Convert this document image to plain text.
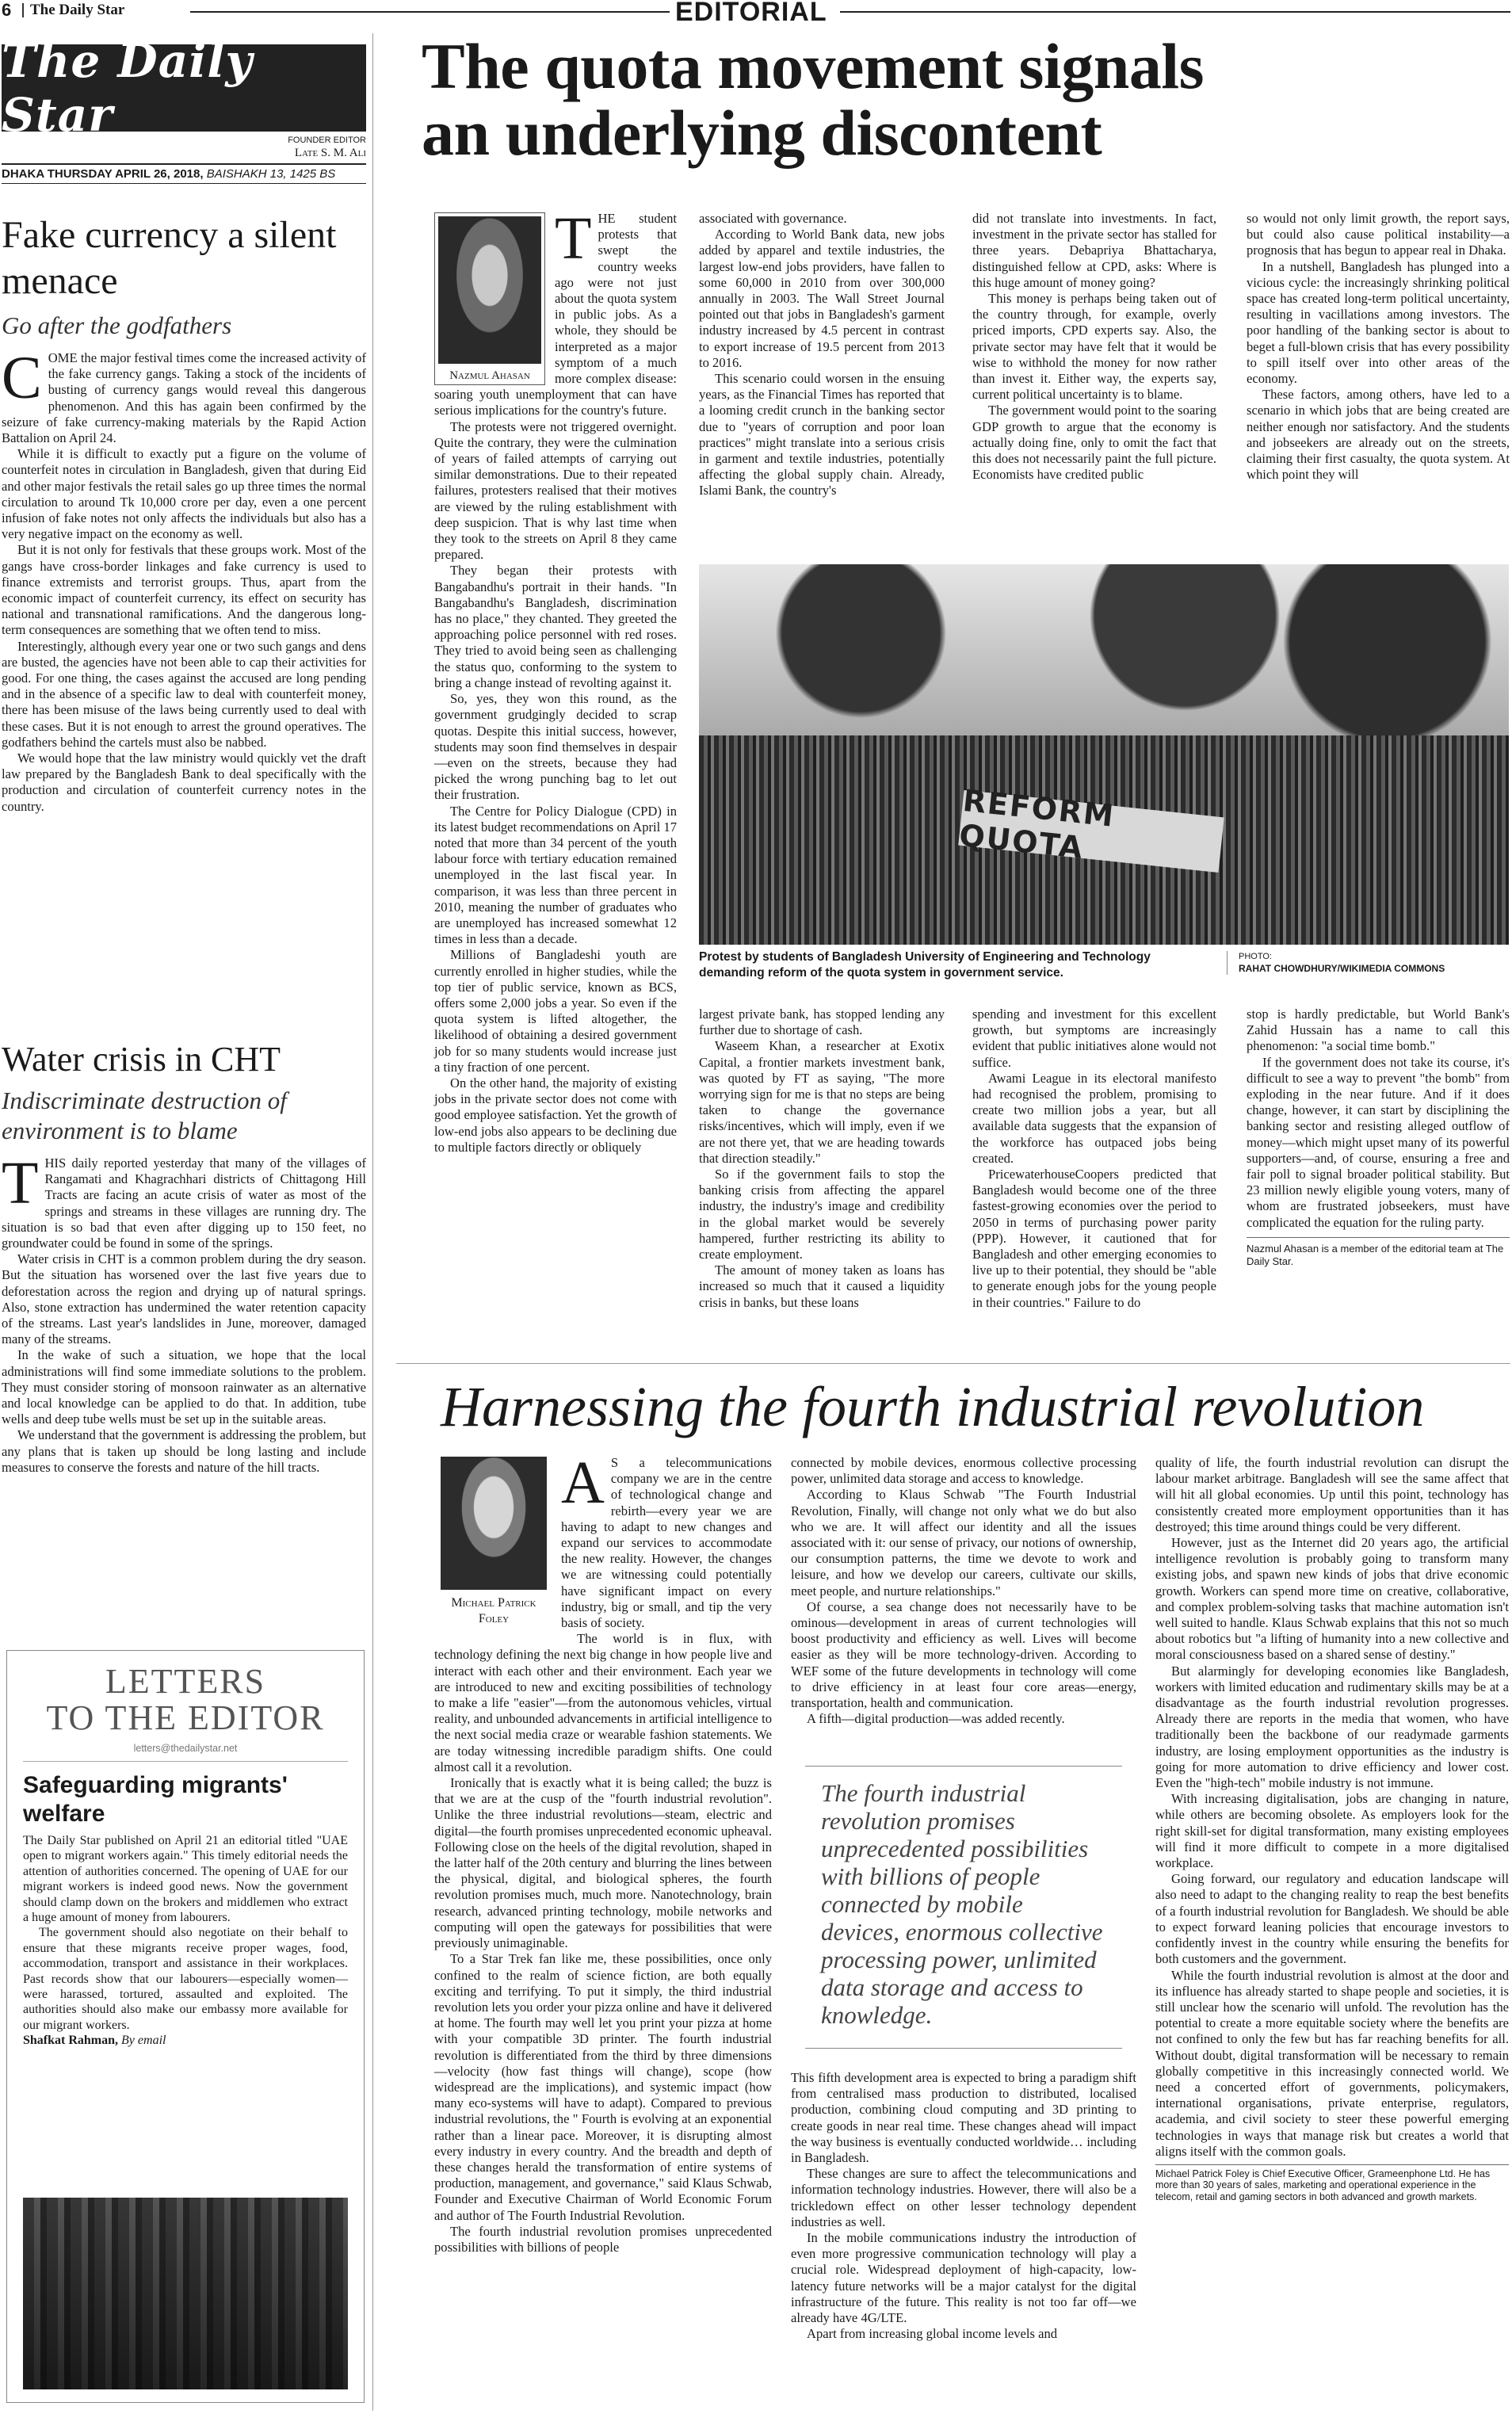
6 The Daily Star	EDITORIAL
The Daily Star	FOUNDER EDITOR
Late S. M. Ali
DHAKA THURSDAY APRIL 26, 2018, BAISHAKH 13, 1425 BS
Fake currency a silent menace
Go after the godfathers

COME the major festival times come the increased activity of the fake currency gangs. Taking a stock of the incidents of busting of currency gangs would reveal this dangerous phenomenon. And this has again been confirmed by the seizure of fake currency-making materials by the Rapid Action Battalion on April 24.

While it is difficult to exactly put a figure on the volume of counterfeit notes in circulation in Bangladesh, given that during Eid and other major festivals the retail sales go up three times the normal circulation to around Tk 10,000 crore per day, even a one percent infusion of fake notes not only affects the individuals but also has a very negative impact on the economy as well.

But it is not only for festivals that these groups work. Most of the gangs have cross-border linkages and fake currency is used to finance extremists and terrorist groups. Thus, apart from the economic impact of counterfeit currency, its effect on security has national and transnational ramifications. And the dangerous long-term consequences are something that we often tend to miss.

Interestingly, although every year one or two such gangs and dens are busted, the agencies have not been able to cap their activities for good. For one thing, the cases against the accused are long pending and in the absence of a specific law to deal with counterfeit money, there has been misuse of the laws being currently used to deal with these cases. But it is not enough to arrest the ground operatives. The godfathers behind the cartels must also be nabbed.

We would hope that the law ministry would quickly vet the draft law prepared by the Bangladesh Bank to deal specifically with the production and circulation of counterfeit currency notes in the country.

Water crisis in CHT
Indiscriminate destruction of environment is to blame

THIS daily reported yesterday that many of the villages of Rangamati and Khagrachhari districts of Chittagong Hill Tracts are facing an acute crisis of water as most of the springs and streams in these villages are running dry. The situation is so bad that even after digging up to 150 feet, no groundwater could be found in some of the springs.

Water crisis in CHT is a common problem during the dry season. But the situation has worsened over the last five years due to deforestation across the region and drying up of natural springs. Also, stone extraction has undermined the water retention capacity of the streams. Last year's landslides in June, moreover, damaged many of the streams.

In the wake of such a situation, we hope that the local administrations will find some immediate solutions to the problem. They must consider storing of monsoon rainwater as an alternative and local knowledge can be applied to do that. In addition, tube wells and deep tube wells must be set up in the suitable areas.

We understand that the government is addressing the problem, but any plans that is taken up should be long lasting and include measures to conserve the forests and nature of the hill tracts.

LETTERS
TO THE EDITOR
letters@thedailystar.net
Safeguarding migrants' welfare

The Daily Star published on April 21 an editorial titled "UAE open to migrant workers again." This timely editorial needs the attention of authorities concerned. The opening of UAE for our migrant workers is indeed good news. Now the government should clamp down on the brokers and middlemen who extract a huge amount of money from labourers.

The government should also negotiate on their behalf to ensure that these migrants receive proper wages, food, accommodation, transport and assistance in their workplaces. Past records show that our labourers—especially women—were harassed, tortured, assaulted and exploited. The authorities should also make our embassy more available for our migrant workers.

Shafkat Rahman, By email

The quota movement signals
an underlying discontent
Nazmul Ahasan

THE student protests that swept the country weeks ago were not just about the quota system in public jobs. As a whole, they should be interpreted as a major symptom of a much more complex disease: soaring youth unemployment that can have serious implications for the country's future.

The protests were not triggered overnight. Quite the contrary, they were the culmination of years of failed attempts of carrying out similar demonstrations. Due to their repeated failures, protesters realised that their motives are viewed by the ruling establishment with deep suspicion. That is why last time when they took to the streets on April 8 they came prepared.

They began their protests with Bangabandhu's portrait in their hands. "In Bangabandhu's Bangladesh, discrimination has no place," they chanted. They greeted the approaching police personnel with red roses. They tried to avoid being seen as challenging the status quo, conforming to the system to bring a change instead of revolting against it.

So, yes, they won this round, as the government grudgingly decided to scrap quotas. Despite this initial success, however, students may soon find themselves in despair—even on the streets, because they had picked the wrong punching bag to let out their frustration.

The Centre for Policy Dialogue (CPD) in its latest budget recommendations on April 17 noted that more than 34 percent of the youth labour force with tertiary education remained unemployed in the last fiscal year. In comparison, it was less than three percent in 2010, meaning the number of graduates who are unemployed has increased somewhat 12 times in less than a decade.

Millions of Bangladeshi youth are currently enrolled in higher studies, while the top tier of public service, known as BCS, offers some 2,000 jobs a year. So even if the quota system is lifted altogether, the likelihood of obtaining a desired government job for so many students would increase just a tiny fraction of one percent.

On the other hand, the majority of existing jobs in the private sector does not come with good employee satisfaction. Yet the growth of low-end jobs also appears to be declining due to multiple factors directly or obliquely

associated with governance.

According to World Bank data, new jobs added by apparel and textile industries, the largest low-end jobs providers, have fallen to some 60,000 in 2010 from over 300,000 annually in 2003. The Wall Street Journal pointed out that jobs in Bangladesh's garment industry increased by 4.5 percent in contrast to export increase of 19.5 percent from 2013 to 2016.

This scenario could worsen in the ensuing years, as the Financial Times has reported that a looming credit crunch in the banking sector due to "years of corruption and poor loan practices" might translate into a serious crisis in garment and textile industries, potentially affecting the global supply chain. Already, Islami Bank, the country's

did not translate into investments. In fact, investment in the private sector has stalled for three years. Debapriya Bhattacharya, distinguished fellow at CPD, asks: Where is this huge amount of money going?

This money is perhaps being taken out of the country through, for example, overly priced imports, CPD experts say. Also, the private sector may have felt that it would be wise to withhold the money for now rather than invest it. Either way, the experts say, current political uncertainty is to blame.

The government would point to the soaring GDP growth to argue that the economy is actually doing fine, only to omit the fact that this does not necessarily paint the full picture. Economists have credited public

so would not only limit growth, the report says, but could also cause political instability—a prognosis that has begun to appear real in Dhaka.

In a nutshell, Bangladesh has plunged into a vicious cycle: the increasingly shrinking political space has created long-term political uncertainty, resulting in vacillations among investors. The poor handling of the banking sector is about to beget a full-blown crisis that has every possibility to spill itself over into other areas of the economy.

These factors, among others, have led to a scenario in which jobs that are being created are neither enough nor satisfactory. And the students and jobseekers are already out on the streets, claiming their first casualty, the quota system. At which point they will

REFORM QUOTA
Protest by students of Bangladesh University of Engineering and Technology demanding reform of the quota system in government service.
PHOTO:
RAHAT CHOWDHURY/WIKIMEDIA COMMONS

largest private bank, has stopped lending any further due to shortage of cash.

Waseem Khan, a researcher at Exotix Capital, a frontier markets investment bank, was quoted by FT as saying, "The more worrying sign for me is that no steps are being taken to change the governance risks/incentives, which will imply, even if we are not there yet, that we are heading towards that direction steadily."

So if the government fails to stop the banking crisis from affecting the apparel industry, the industry's image and credibility in the global market would be severely hampered, further restricting its ability to create employment.

The amount of money taken as loans has increased so much that it caused a liquidity crisis in banks, but these loans

spending and investment for this excellent growth, but symptoms are increasingly evident that public initiatives alone would not suffice.

Awami League in its electoral manifesto had recognised the problem, promising to create two million jobs a year, but all available data suggests that the expansion of the workforce has outpaced jobs being created.

PricewaterhouseCoopers predicted that Bangladesh would become one of the three fastest-growing economies over the period to 2050 in terms of purchasing power parity (PPP). However, it cautioned that for Bangladesh and other emerging economies to live up to their potential, they should be "able to generate enough jobs for the young people in their countries." Failure to do

stop is hardly predictable, but World Bank's Zahid Hussain has a name to call this phenomenon: "a social time bomb."

If the government does not take its course, it's difficult to see a way to prevent "the bomb" from exploding in the near future. And if it does change, however, it can start by disciplining the banking sector and resisting alleged outflow of money—which might upset many of its powerful supporters—and, of course, ensuring a free and fair poll to signal broader political stability. But 23 million newly eligible young voters, many of whom are frustrated jobseekers, must have complicated the equation for the ruling party.

Nazmul Ahasan is a member of the editorial team at The Daily Star.
Harnessing the fourth industrial revolution
Michael Patrick
Foley

A S a telecommunications company we are in the centre of technological change and rebirth—every year we are having to adapt to new changes and expand our services to accommodate the new reality. However, the changes we are witnessing could potentially have significant impact on every industry, big or small, and tip the very basis of society.

The world is in flux, with technology defining the next big change in how people live and interact with each other and their environment. Each year we are introduced to new and exciting possibilities of technology to make a life "easier"—from the autonomous vehicles, virtual reality, and unbounded advancements in artificial intelligence to the next social media craze or wearable fashion statements. We are today witnessing incredible paradigm shifts. One could almost call it a revolution.

Ironically that is exactly what it is being called; the buzz is that we are at the cusp of the "fourth industrial revolution". Unlike the three industrial revolutions—steam, electric and digital—the fourth promises unprecedented economic upheaval. Following close on the heels of the digital revolution, shaped in the latter half of the 20th century and blurring the lines between the physical, digital, and biological spheres, the fourth revolution promises much, much more. Nanotechnology, brain research, advanced printing technology, mobile networks and computing will open the gateways for possibilities that were previously unimaginable.

To a Star Trek fan like me, these possibilities, once only confined to the realm of science fiction, are both equally exciting and terrifying. To put it simply, the third industrial revolution lets you order your pizza online and have it delivered at home. The fourth may well let you print your pizza at home with your compatible 3D printer. The fourth industrial revolution is differentiated from the third by three dimensions—velocity (how fast things will change), scope (how widespread are the implications), and systemic impact (how many eco-systems will have to adapt). Compared to previous industrial revolutions, the " Fourth is evolving at an exponential rather than a linear pace. Moreover, it is disrupting almost every industry in every country. And the breadth and depth of these changes herald the transformation of entire systems of production, management, and governance," said Klaus Schwab, Founder and Executive Chairman of World Economic Forum and author of The Fourth Industrial Revolution.

The fourth industrial revolution promises unprecedented possibilities with billions of people

connected by mobile devices, enormous collective processing power, unlimited data storage and access to knowledge.

According to Klaus Schwab "The Fourth Industrial Revolution, Finally, will change not only what we do but also who we are. It will affect our identity and all the issues associated with it: our sense of privacy, our notions of ownership, our consumption patterns, the time we devote to work and leisure, and how we develop our careers, cultivate our skills, meet people, and nurture relationships."

Of course, a sea change does not necessarily have to be ominous—development in areas of current technologies will boost productivity and efficiency as well. Lives will become easier as they will be more technology-driven. According to WEF some of the future developments in technology will come to drive efficiency in at least four core areas—energy, transportation, health and communication.

A fifth—digital production—was added recently.

The fourth industrial revolution promises unprecedented possibilities with billions of people connected by mobile devices, enormous collective processing power, unlimited data storage and access to knowledge.

This fifth development area is expected to bring a paradigm shift from centralised mass production to distributed, localised production, combining cloud computing and 3D printing to create goods in near real time. These changes ahead will impact the way business is eventually conducted worldwide… including in Bangladesh.

These changes are sure to affect the telecommunications and information technology industries. However, there will also be a trickledown effect on other lesser technology dependent industries as well.

In the mobile communications industry the introduction of even more progressive communication technology will play a crucial role. Widespread deployment of high-capacity, low-latency future networks will be a major catalyst for the digital infrastructure of the future. This reality is not too far off—we already have 4G/LTE.

Apart from increasing global income levels and

quality of life, the fourth industrial revolution can disrupt the labour market arbitrage. Bangladesh will see the same affect that will hit all global economies. Up until this point, technology has consistently created more employment opportunities than it has destroyed; this time around things could be very different.

However, just as the Internet did 20 years ago, the artificial intelligence revolution is probably going to transform many existing jobs, and spawn new kinds of jobs that drive economic growth. Workers can spend more time on creative, collaborative, and complex problem-solving tasks that machine automation isn't well suited to handle. Klaus Schwab explains that this not so much about robotics but "a lifting of humanity into a new collective and moral consciousness based on a shared sense of destiny."

But alarmingly for developing economies like Bangladesh, workers with limited education and rudimentary skills may be at a disadvantage as the fourth industrial revolution progresses. Already there are reports in the media that women, who have traditionally been the backbone of our readymade garments industry, are losing employment opportunities as the industry is going for more automation to drive efficiency and lower cost. Even the "high-tech" mobile industry is not immune.

With increasing digitalisation, jobs are changing in nature, while others are becoming obsolete. As employers look for the right skill-set for digital transformation, many existing employees will find it more difficult to compete in a more digitalised workplace.

Going forward, our regulatory and education landscape will also need to adapt to the changing reality to reap the best benefits of a fourth industrial revolution for Bangladesh. We should be able to expect forward leaning policies that encourage investors to confidently invest in the country while ensuring the benefits for both customers and the government.

While the fourth industrial revolution is almost at the door and its influence has already started to shape people and societies, it is still unclear how the scenario will unfold. The revolution has the potential to create a more equitable society where the benefits are not confined to only the few but has far reaching benefits for all. Without doubt, digital transformation will be necessary to remain globally competitive in this increasingly connected world. We need a concerted effort of governments, policymakers, international organisations, private enterprise, regulators, academia, and civil society to steer these powerful emerging technologies in ways that manage risk but creates a world that aligns itself with the common goals.

Michael Patrick Foley is Chief Executive Officer, Grameenphone Ltd. He has more than 30 years of sales, marketing and operational experience in the telecom, retail and gaming sectors in both advanced and growth markets.
